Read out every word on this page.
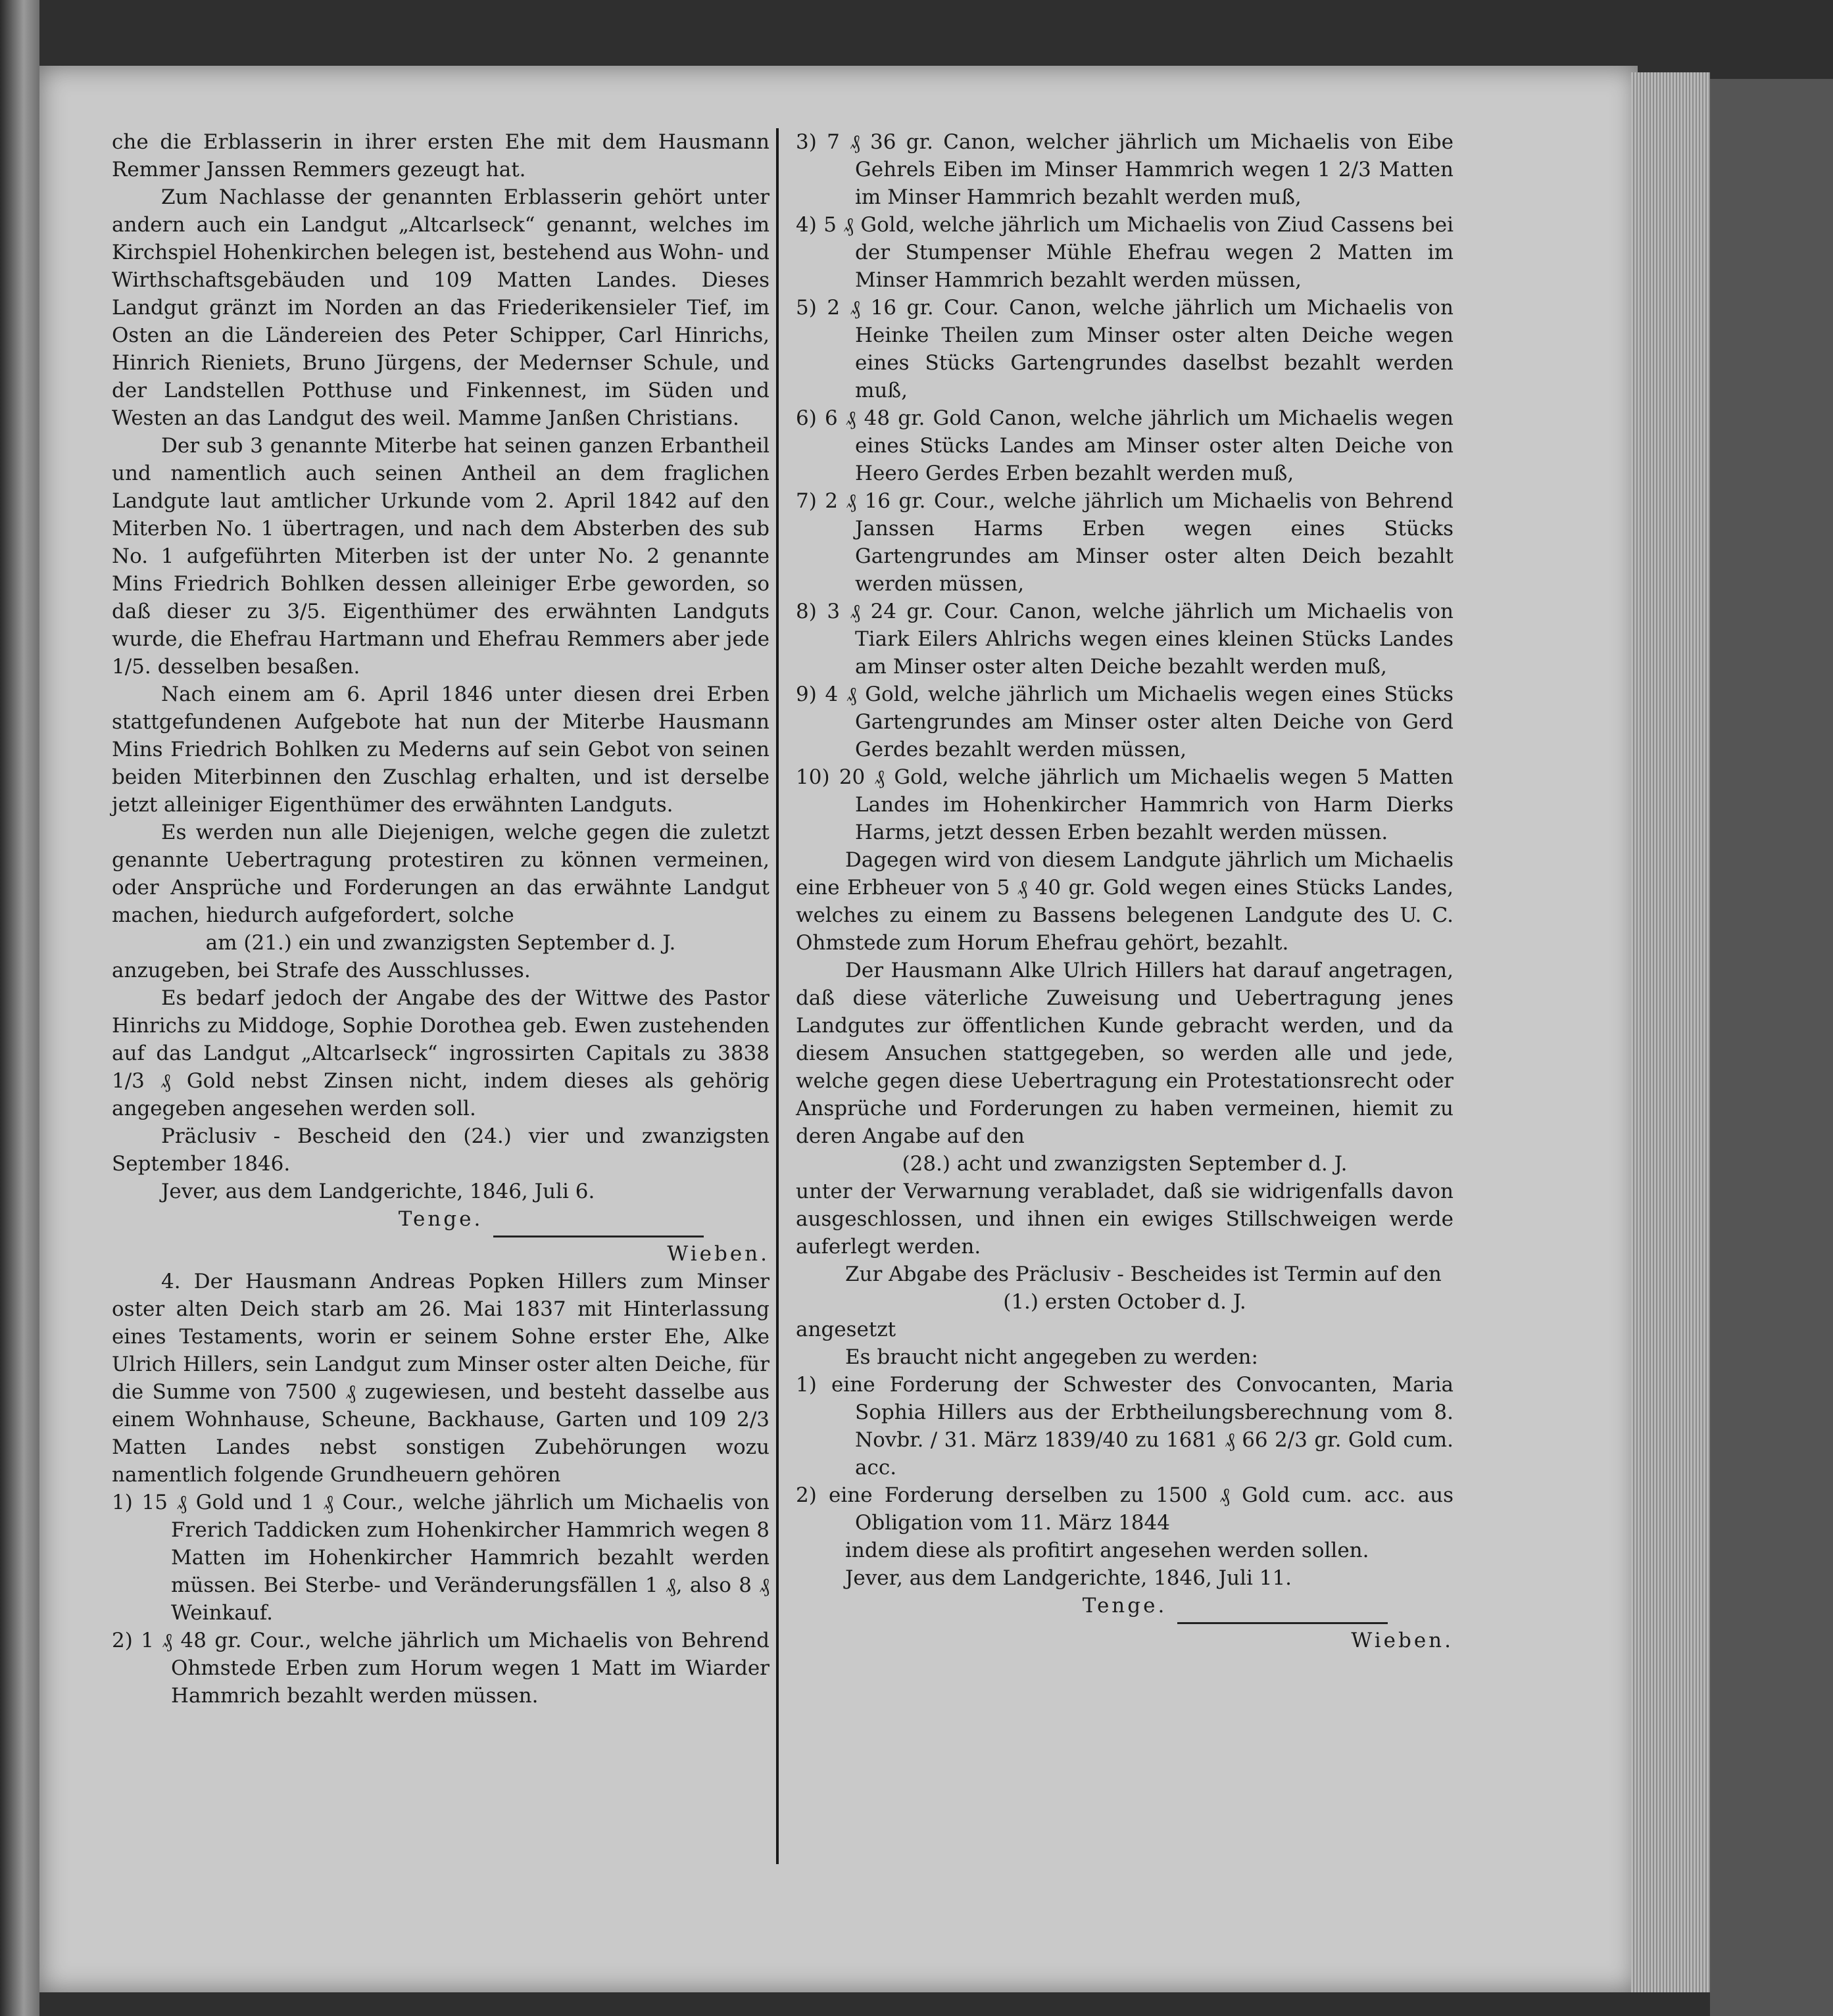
che die Erblasserin in ihrer ersten Ehe mit dem Hausmann Remmer Janssen Remmers gezeugt hat.

Zum Nachlasse der genannten Erblasserin gehört unter andern auch ein Landgut „Altcarlseck“ genannt, welches im Kirchspiel Hohenkirchen belegen ist, bestehend aus Wohn- und Wirthschaftsgebäuden und 109 Matten Landes. Dieses Landgut gränzt im Norden an das Friederikensieler Tief, im Osten an die Ländereien des Peter Schipper, Carl Hinrichs, Hinrich Rieniets, Bruno Jürgens, der Medernser Schule, und der Landstellen Potthuse und Finkennest, im Süden und Westen an das Landgut des weil. Mamme Janßen Christians.

Der sub 3 genannte Miterbe hat seinen ganzen Erbantheil und namentlich auch seinen Antheil an dem fraglichen Landgute laut amtlicher Urkunde vom 2. April 1842 auf den Miterben No. 1 übertragen, und nach dem Absterben des sub No. 1 aufgeführten Miterben ist der unter No. 2 genannte Mins Friedrich Bohlken dessen alleiniger Erbe geworden, so daß dieser zu 3/5. Eigenthümer des erwähnten Landguts wurde, die Ehefrau Hartmann und Ehefrau Remmers aber jede 1/5. desselben besaßen.

Nach einem am 6. April 1846 unter diesen drei Erben stattgefundenen Aufgebote hat nun der Miterbe Hausmann Mins Friedrich Bohlken zu Mederns auf sein Gebot von seinen beiden Miterbinnen den Zuschlag erhalten, und ist derselbe jetzt alleiniger Eigenthümer des erwähnten Landguts.

Es werden nun alle Diejenigen, welche gegen die zuletzt genannte Uebertragung protestiren zu können vermeinen, oder Ansprüche und Forderungen an das erwähnte Landgut machen, hiedurch aufgefordert, solche

am (21.) ein und zwanzigsten September d. J.

anzugeben, bei Strafe des Ausschlusses.

Es bedarf jedoch der Angabe des der Wittwe des Pastor Hinrichs zu Middoge, Sophie Dorothea geb. Ewen zustehenden auf das Landgut „Altcarlseck“ ingrossirten Capitals zu 3838 1/3 ₰ Gold nebst Zinsen nicht, indem dieses als gehörig angegeben angesehen werden soll.

Präclusiv - Bescheid den (24.) vier und zwanzigsten September 1846.

Jever, aus dem Landgerichte, 1846, Juli 6.

Tenge.

Wieben.

4. Der Hausmann Andreas Popken Hillers zum Minser oster alten Deich starb am 26. Mai 1837 mit Hinterlassung eines Testaments, worin er seinem Sohne erster Ehe, Alke Ulrich Hillers, sein Landgut zum Minser oster alten Deiche, für die Summe von 7500 ₰ zugewiesen, und besteht dasselbe aus einem Wohnhause, Scheune, Backhause, Garten und 109 2/3 Matten Landes nebst sonstigen Zubehörungen wozu namentlich folgende Grundheuern gehören

1) 15 ₰ Gold und 1 ₰ Cour., welche jährlich um Michaelis von Frerich Taddicken zum Hohenkircher Hammrich wegen 8 Matten im Hohenkircher Hammrich bezahlt werden müssen. Bei Sterbe- und Veränderungsfällen 1 ₰, also 8 ₰ Weinkauf.

2) 1 ₰ 48 gr. Cour., welche jährlich um Michaelis von Behrend Ohmstede Erben zum Horum wegen 1 Matt im Wiarder Hammrich bezahlt werden müssen.

3) 7 ₰ 36 gr. Canon, welcher jährlich um Michaelis von Eibe Gehrels Eiben im Minser Hammrich wegen 1 2/3 Matten im Minser Hammrich bezahlt werden muß,

4) 5 ₰ Gold, welche jährlich um Michaelis von Ziud Cassens bei der Stumpenser Mühle Ehefrau wegen 2 Matten im Minser Hammrich bezahlt werden müssen,

5) 2 ₰ 16 gr. Cour. Canon, welche jährlich um Michaelis von Heinke Theilen zum Minser oster alten Deiche wegen eines Stücks Gartengrundes daselbst bezahlt werden muß,

6) 6 ₰ 48 gr. Gold Canon, welche jährlich um Michaelis wegen eines Stücks Landes am Minser oster alten Deiche von Heero Gerdes Erben bezahlt werden muß,

7) 2 ₰ 16 gr. Cour., welche jährlich um Michaelis von Behrend Janssen Harms Erben wegen eines Stücks Gartengrundes am Minser oster alten Deich bezahlt werden müssen,

8) 3 ₰ 24 gr. Cour. Canon, welche jährlich um Michaelis von Tiark Eilers Ahlrichs wegen eines kleinen Stücks Landes am Minser oster alten Deiche bezahlt werden muß,

9) 4 ₰ Gold, welche jährlich um Michaelis wegen eines Stücks Gartengrundes am Minser oster alten Deiche von Gerd Gerdes bezahlt werden müssen,

10) 20 ₰ Gold, welche jährlich um Michaelis wegen 5 Matten Landes im Hohenkircher Hammrich von Harm Dierks Harms, jetzt dessen Erben bezahlt werden müssen.

Dagegen wird von diesem Landgute jährlich um Michaelis eine Erbheuer von 5 ₰ 40 gr. Gold wegen eines Stücks Landes, welches zu einem zu Bassens belegenen Landgute des U. C. Ohmstede zum Horum Ehefrau gehört, bezahlt.

Der Hausmann Alke Ulrich Hillers hat darauf angetragen, daß diese väterliche Zuweisung und Uebertragung jenes Landgutes zur öffentlichen Kunde gebracht werden, und da diesem Ansuchen stattgegeben, so werden alle und jede, welche gegen diese Uebertragung ein Protestationsrecht oder Ansprüche und Forderungen zu haben vermeinen, hiemit zu deren Angabe auf den

(28.) acht und zwanzigsten September d. J.

unter der Verwarnung verabladet, daß sie widrigenfalls davon ausgeschlossen, und ihnen ein ewiges Stillschweigen werde auferlegt werden.

Zur Abgabe des Präclusiv - Bescheides ist Termin auf den

(1.) ersten October d. J.

angesetzt

Es braucht nicht angegeben zu werden:

1) eine Forderung der Schwester des Convocanten, Maria Sophia Hillers aus der Erbtheilungsberechnung vom 8. Novbr. / 31. März 1839/40 zu 1681 ₰ 66 2/3 gr. Gold cum. acc.

2) eine Forderung derselben zu 1500 ₰ Gold cum. acc. aus Obligation vom 11. März 1844

indem diese als profitirt angesehen werden sollen.

Jever, aus dem Landgerichte, 1846, Juli 11.

Tenge.

Wieben.
